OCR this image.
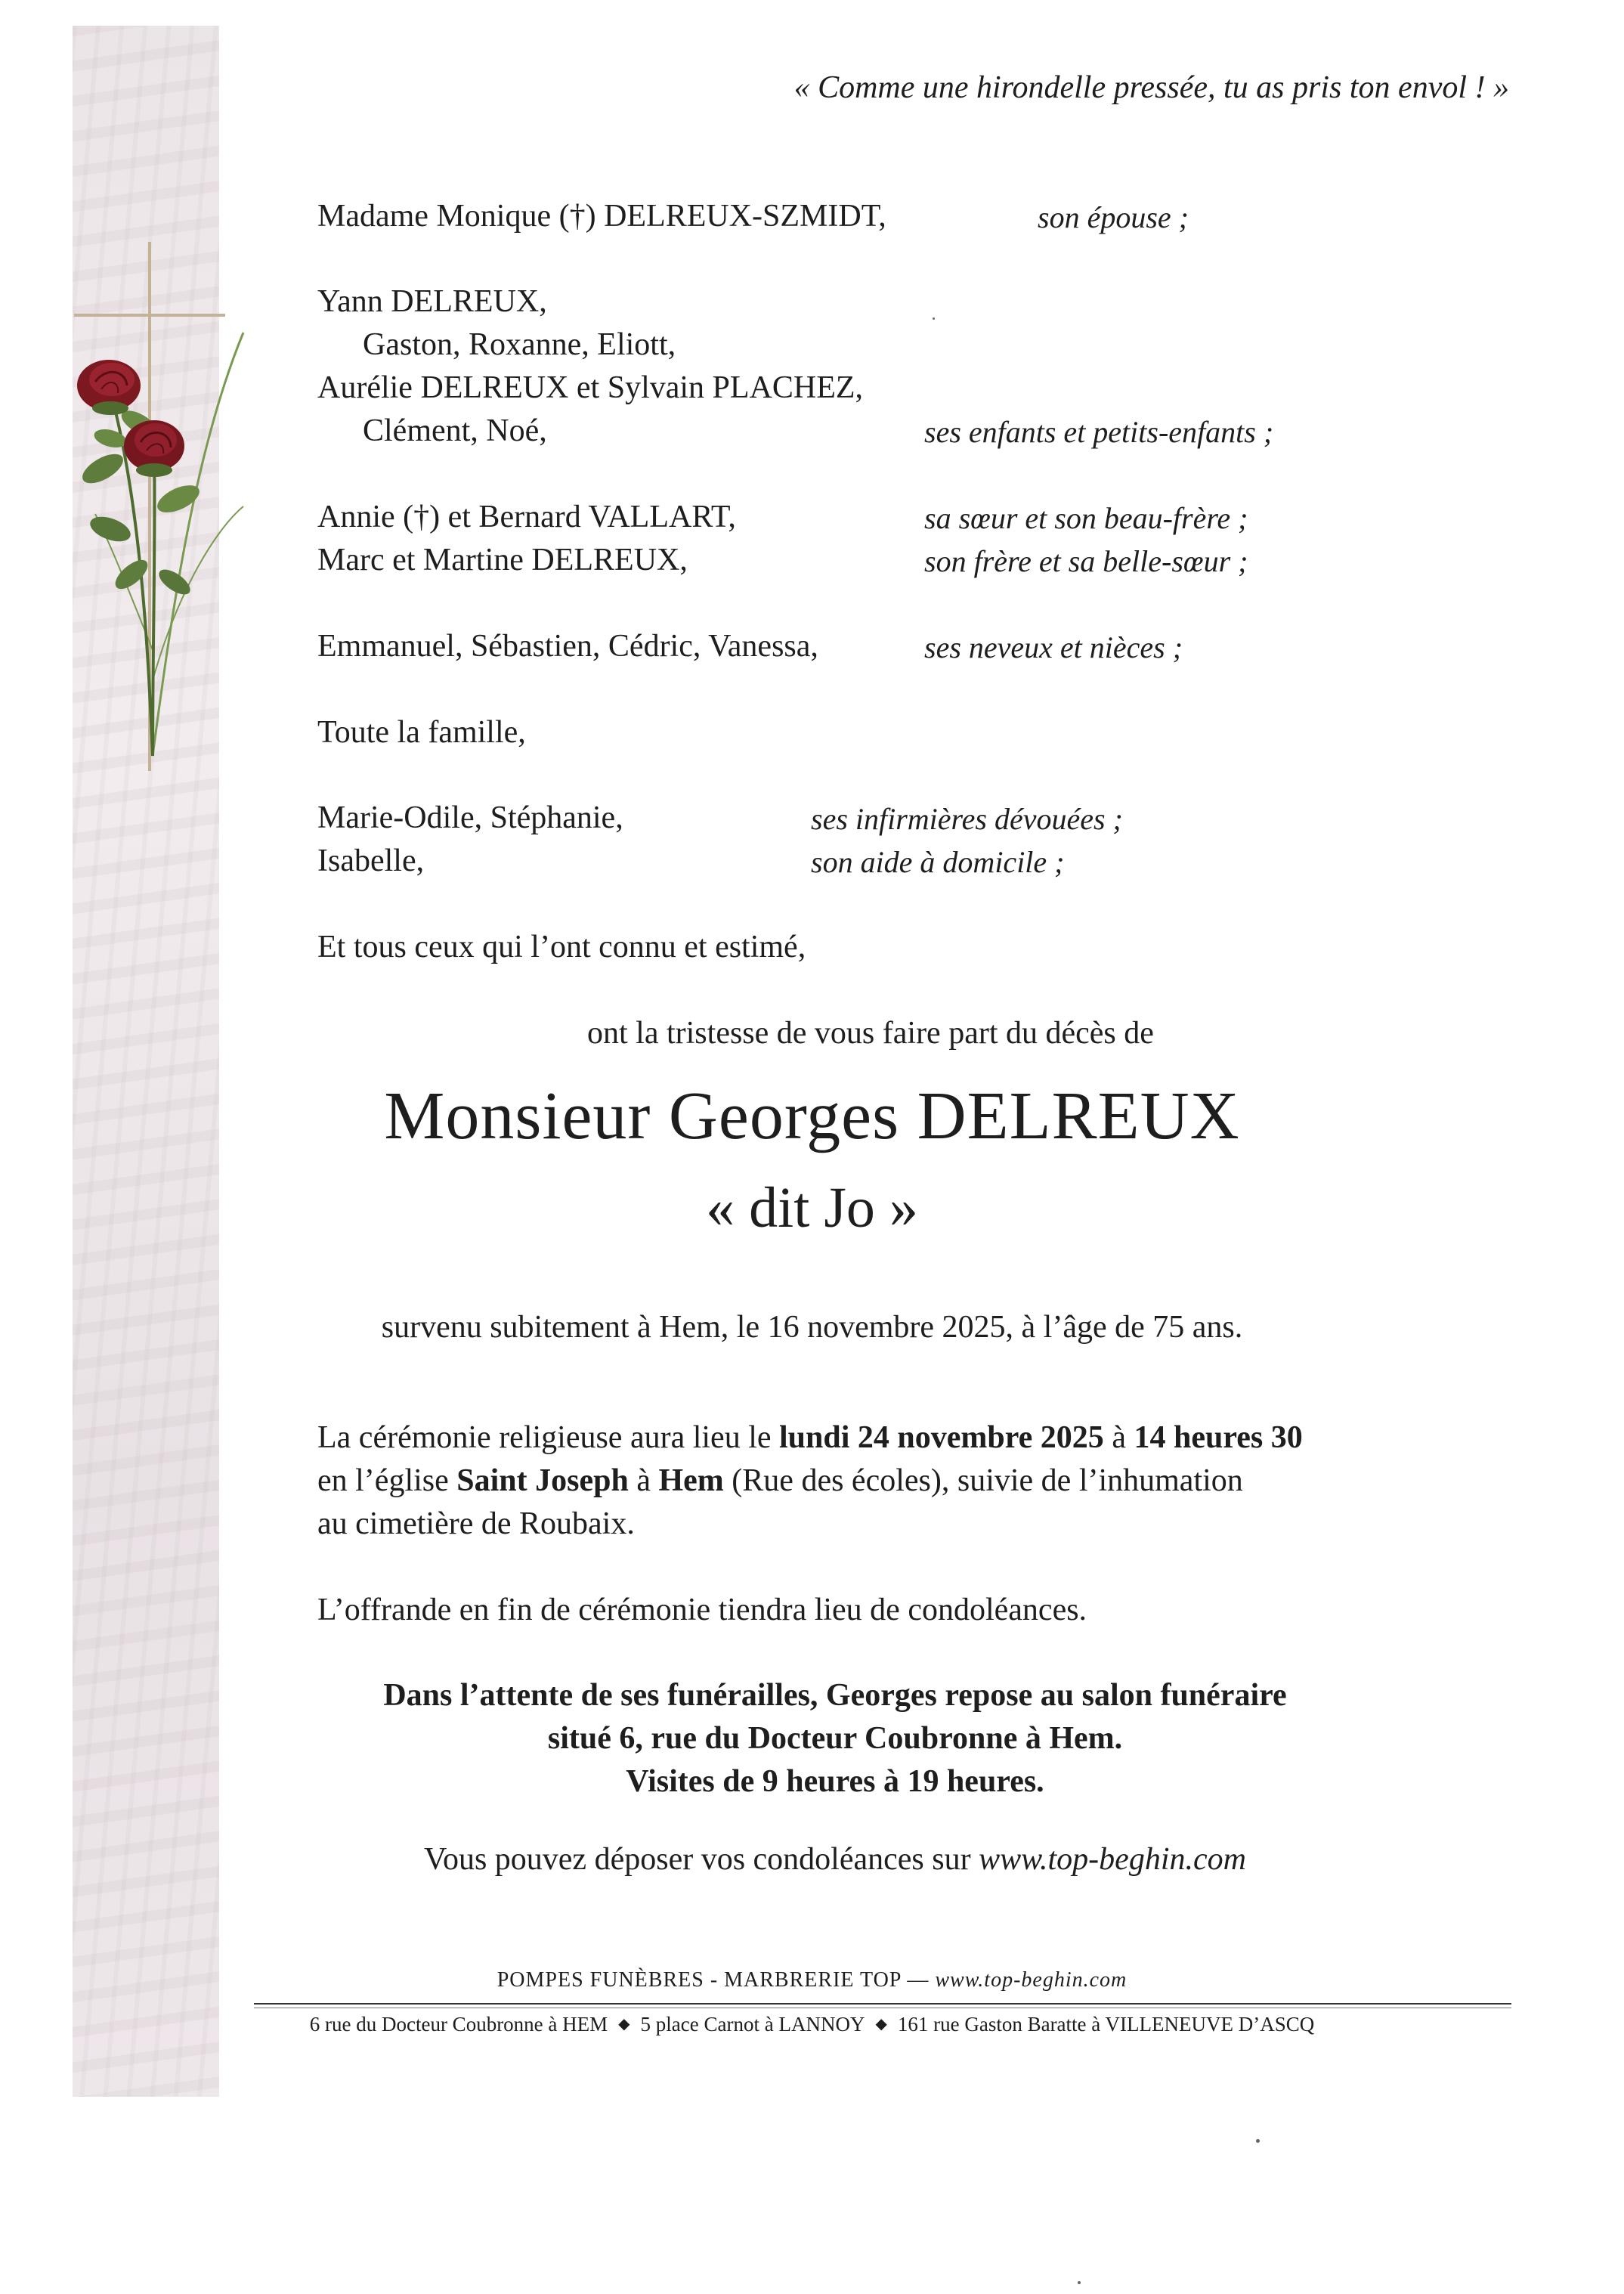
« Comme une hirondelle pressée, tu as pris ton envol ! »

Madame Monique (†) DELREUX-SZMIDT,	son épouse ;

Yann DELREUX,

Gaston, Roxanne, Eliott,

Aurélie DELREUX et Sylvain PLACHEZ,

Clément, Noé,	ses enfants et petits-enfants ;

Annie (†) et Bernard VALLART,	sa sœur et son beau-frère ;

Marc et Martine DELREUX,	son frère et sa belle-sœur ;

Emmanuel, Sébastien, Cédric, Vanessa,	ses neveux et nièces ;

Toute la famille,

Marie-Odile, Stéphanie,	ses infirmières dévouées ;

Isabelle,	son aide à domicile ;

Et tous ceux qui l’ont connu et estimé,

ont la tristesse de vous faire part du décès de

Monsieur Georges DELREUX

« dit Jo »

survenu subitement à Hem, le 16 novembre 2025, à l’âge de 75 ans.

La cérémonie religieuse aura lieu le lundi 24 novembre 2025 à 14 heures 30

en l’église Saint Joseph à Hem (Rue des écoles), suivie de l’inhumation

au cimetière de Roubaix.

L’offrande en fin de cérémonie tiendra lieu de condoléances.

Dans l’attente de ses funérailles, Georges repose au salon funéraire

situé 6, rue du Docteur Coubronne à Hem.

Visites de 9 heures à 19 heures.

Vous pouvez déposer vos condoléances sur www.top-beghin.com

POMPES FUNÈBRES - MARBRERIE TOP — www.top-beghin.com

6 rue du Docteur Coubronne à HEM ◆ 5 place Carnot à LANNOY ◆ 161 rue Gaston Baratte à VILLENEUVE D’ASCQ
